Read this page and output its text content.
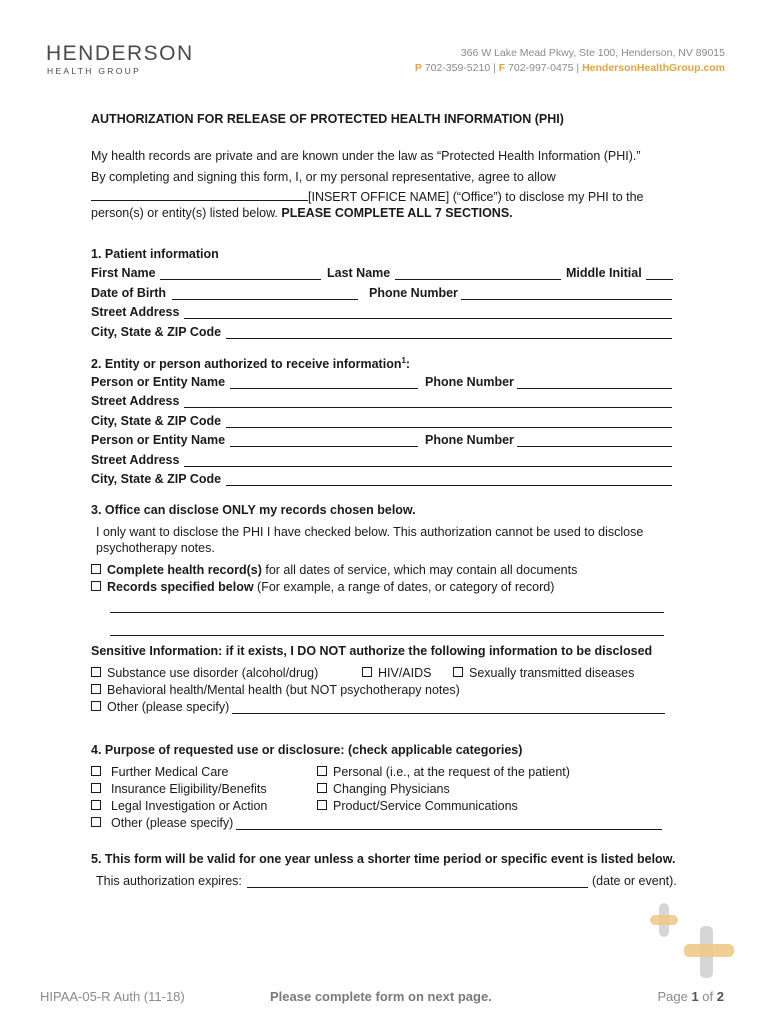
HENDERSON
HEALTH GROUP
366 W Lake Mead Pkwy, Ste 100, Henderson, NV 89015
P 702-359-5210 | F 702-997-0475 | HendersonHealthGroup.com
AUTHORIZATION FOR RELEASE OF PROTECTED HEALTH INFORMATION (PHI)
My health records are private and are known under the law as “Protected Health Information (PHI).”
By completing and signing this form, I, or my personal representative, agree to allow
[INSERT OFFICE NAME] (“Office”) to disclose my PHI to the
person(s) or entity(s) listed below. PLEASE COMPLETE ALL 7 SECTIONS.
1. Patient information
First Name	Last Name	Middle Initial
Date of Birth	Phone Number
Street Address
City, State & ZIP Code
2. Entity or person authorized to receive information$^1$:
Person or Entity Name	Phone Number
Street Address
City, State & ZIP Code
Person or Entity Name	Phone Number
Street Address
City, State & ZIP Code
3. Office can disclose ONLY my records chosen below.
I only want to disclose the PHI I have checked below. This authorization cannot be used to disclose
psychotherapy notes.
Complete health record(s) for all dates of service, which may contain all documents
Records specified below (For example, a range of dates, or category of record)
Sensitive Information: if it exists, I DO NOT authorize the following information to be disclosed
Substance use disorder (alcohol/drug)	HIV/AIDS	Sexually transmitted diseases
Behavioral health/Mental health (but NOT psychotherapy notes)
Other (please specify)
4. Purpose of requested use or disclosure: (check applicable categories)
Further Medical Care	Personal (i.e., at the request of the patient)
Insurance Eligibility/Benefits	Changing Physicians
Legal Investigation or Action	Product/Service Communications
Other (please specify)
5. This form will be valid for one year unless a shorter time period or specific event is listed below.
This authorization expires:	(date or event).
HIPAA-05-R Auth (11-18)	Please complete form on next page.	Page 1 of 2
